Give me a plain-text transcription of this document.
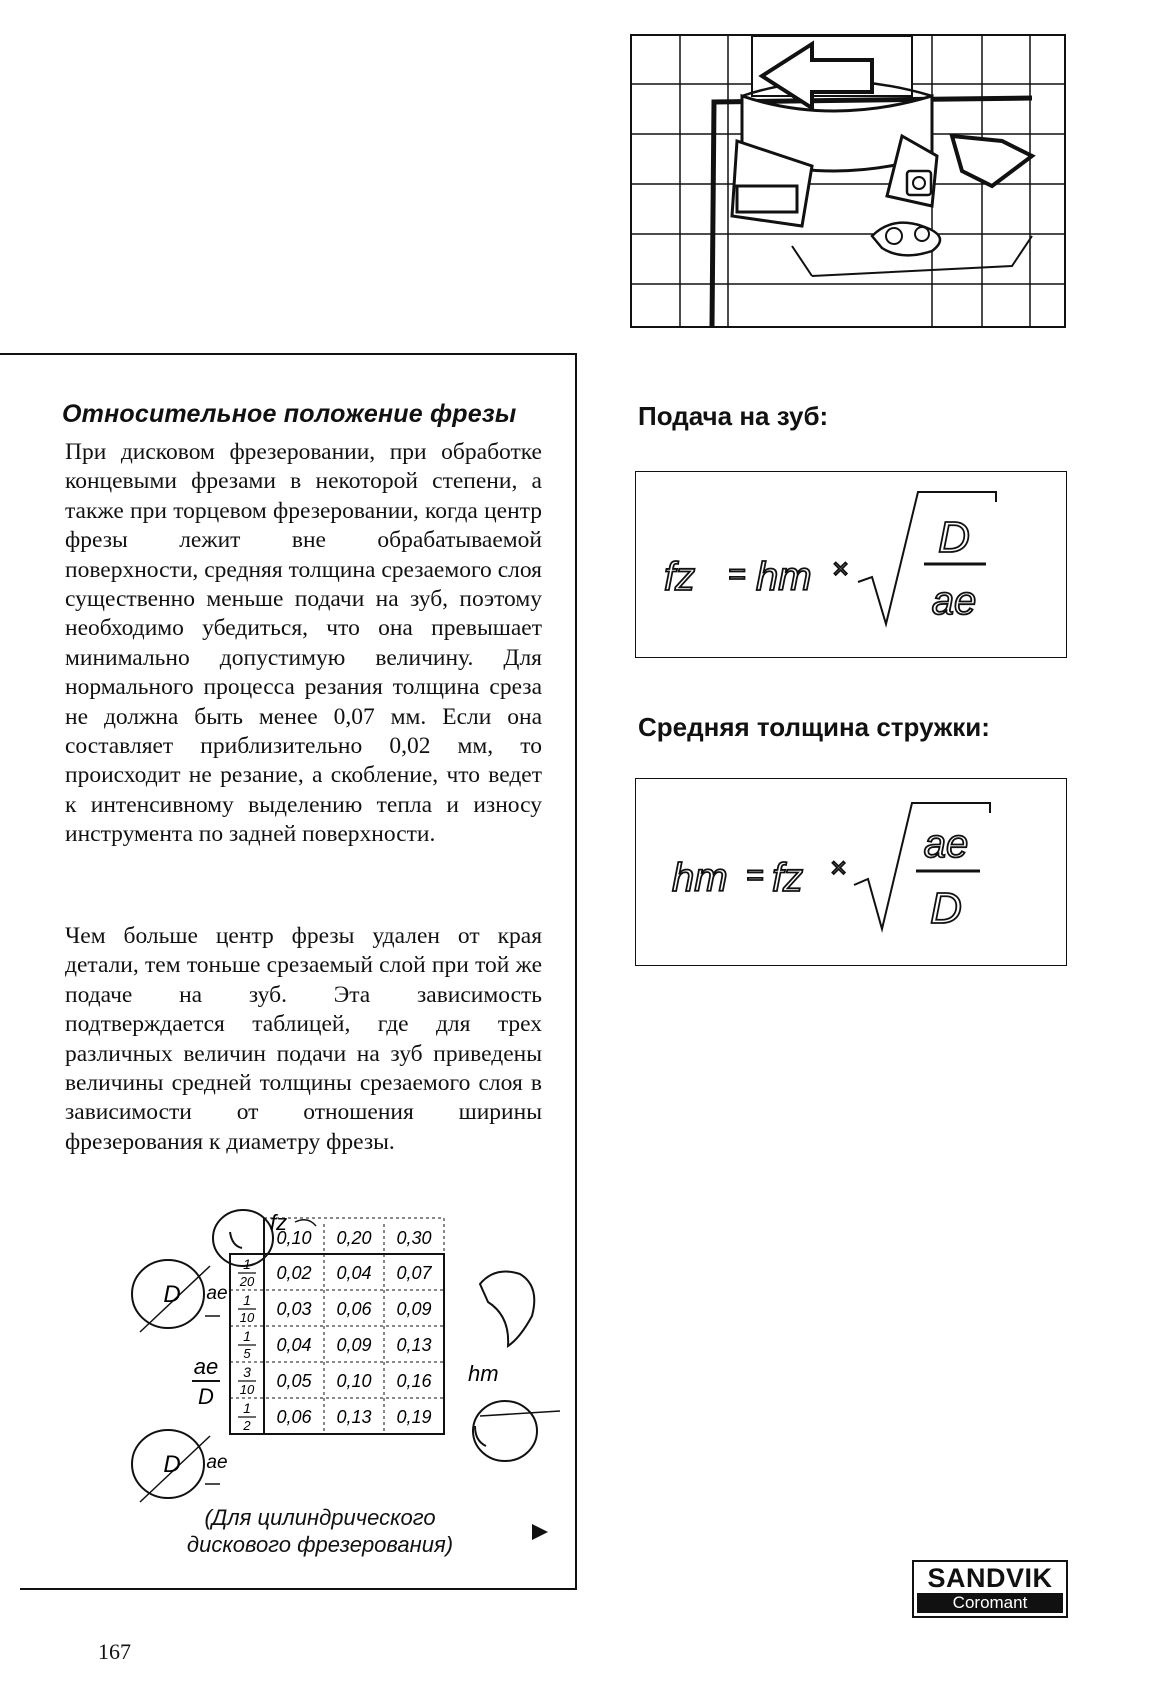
Относительное положение фрезы

При дисковом фрезеровании, при обработке концевыми фрезами в некоторой степени, а также при торцевом фрезеровании, когда центр фрезы лежит вне обрабатываемой поверхности, средняя толщина срезаемого слоя существенно меньше подачи на зуб, поэтому необходимо убедиться, что она превышает минимально допустимую величину. Для нормального процесса резания толщина среза не должна быть менее 0,07 мм. Если она составляет приблизительно 0,02 мм, то происходит не резание, а скобление, что ведет к интенсивному выделению тепла и износу инструмента по задней поверхности.

Чем больше центр фрезы удален от края детали, тем тоньше срезаемый слой при той же подаче на зуб. Эта зависимость подтверждается таблицей, где для трех различных величин подачи на зуб приведены величины средней толщины срезаемого слоя в зависимости от отношения ширины фрезерования к диаметру фрезы.

D
D
ae
ae
fz
ae
D
hm
0,10 0,20 0,30
1
20 0,02 0,04 0,07
1
10 0,03 0,06 0,09
1
5 0,04 0,09 0,13
3
10 0,05 0,10 0,16
1
2 0,06 0,13 0,19
(Для цилиндрического
дискового фрезерования)
Подача на зуб:
fz = hm ×
D
ae
Средняя толщина стружки:
hm = fz ×
ae
D
SANDVIK
Coromant
167
